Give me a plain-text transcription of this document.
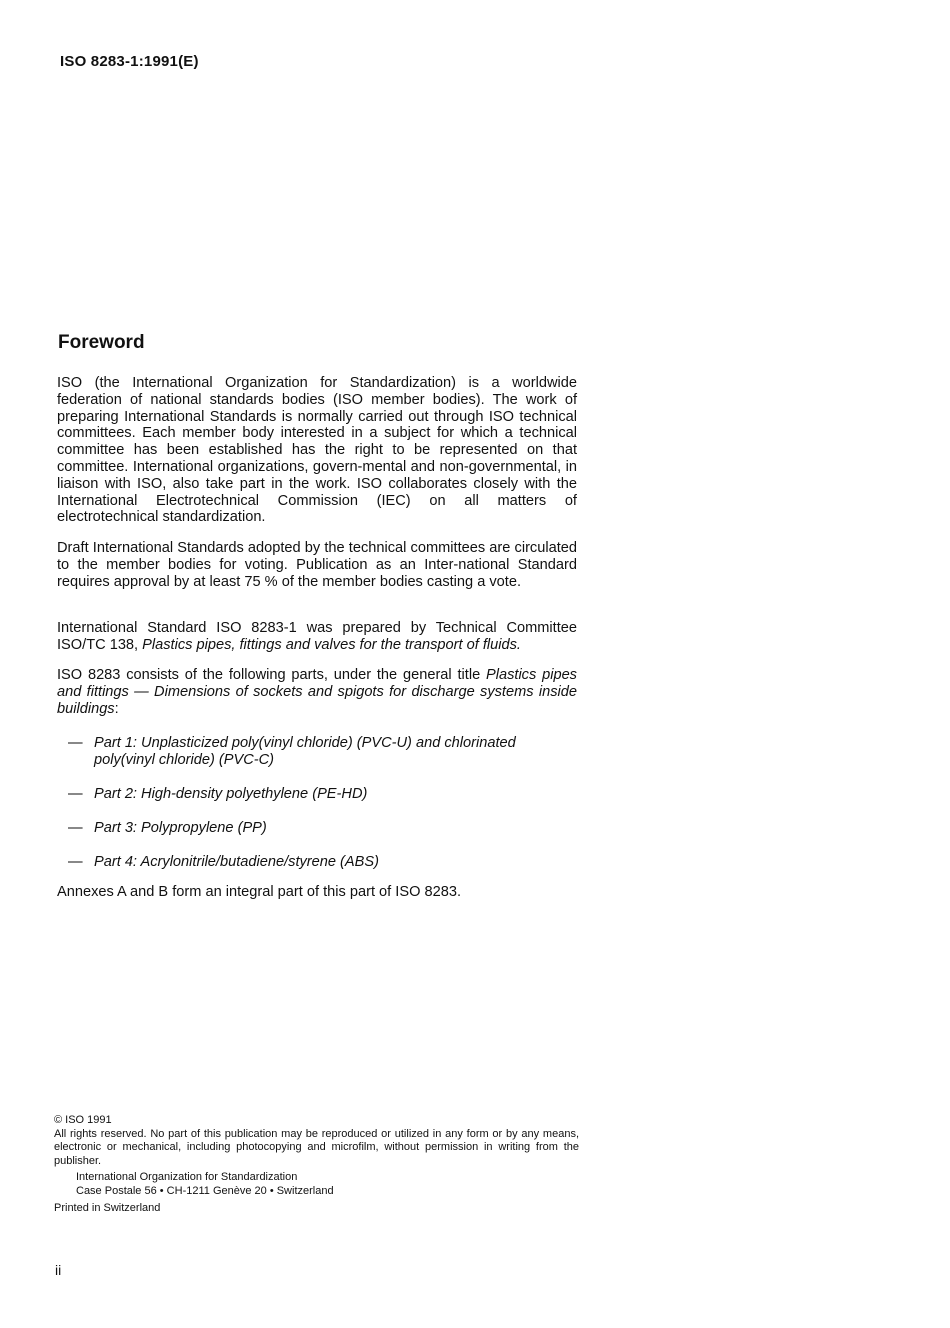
ISO 8283-1:1991(E)
Foreword

ISO (the International Organization for Standardization) is a worldwide federation of national standards bodies (ISO member bodies). The work of preparing International Standards is normally carried out through ISO technical committees. Each member body interested in a subject for which a technical committee has been established has the right to be represented on that committee. International organizations, govern-mental and non-governmental, in liaison with ISO, also take part in the work. ISO collaborates closely with the International Electrotechnical Commission (IEC) on all matters of electrotechnical standardization.

Draft International Standards adopted by the technical committees are circulated to the member bodies for voting. Publication as an Inter-national Standard requires approval by at least 75 % of the member bodies casting a vote.

International Standard ISO 8283-1 was prepared by Technical Committee ISO/TC 138, Plastics pipes, fittings and valves for the transport of fluids.

ISO 8283 consists of the following parts, under the general title Plastics pipes and fittings — Dimensions of sockets and spigots for discharge systems inside buildings:

— Part 1: Unplasticized poly(vinyl chloride) (PVC-U) and chlorinated poly(vinyl chloride) (PVC-C)
— Part 2: High-density polyethylene (PE-HD)
— Part 3: Polypropylene (PP)
— Part 4: Acrylonitrile/butadiene/styrene (ABS)

Annexes A and B form an integral part of this part of ISO 8283.

© ISO 1991
All rights reserved. No part of this publication may be reproduced or utilized in any form or by any means, electronic or mechanical, including photocopying and microfilm, without permission in writing from the publisher.
International Organization for Standardization
Case Postale 56 • CH-1211 Genève 20 • Switzerland
Printed in Switzerland
ii
